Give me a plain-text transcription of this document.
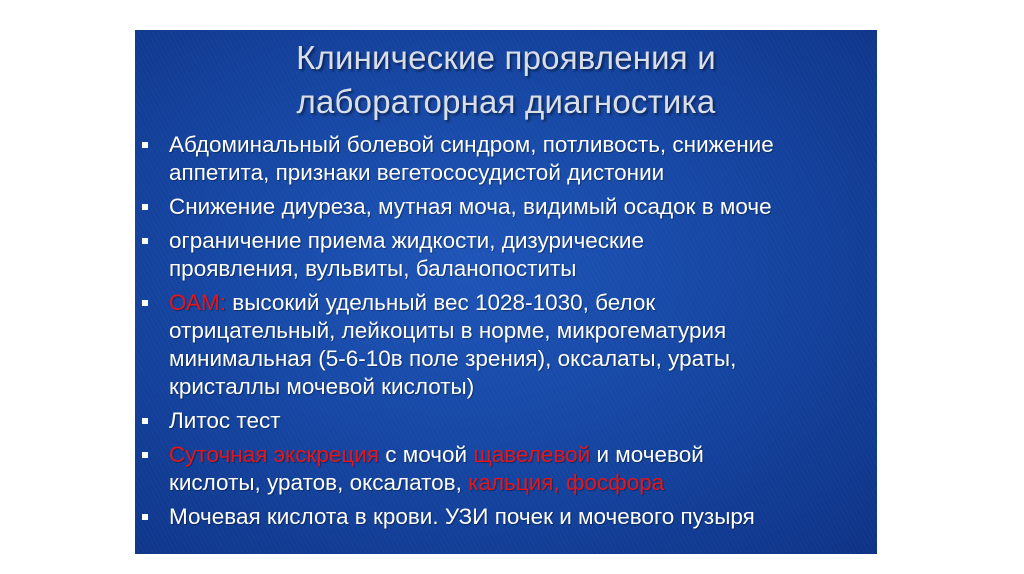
Клинические проявления и
лабораторная диагностика
Абдоминальный болевой синдром, потливость, снижение
аппетита, признаки вегетососудистой дистонии
Снижение диуреза, мутная моча, видимый осадок в моче
ограничение приема жидкости, дизурические
проявления, вульвиты, баланопоститы
ОАМ: высокий удельный вес 1028-1030, белок
отрицательный, лейкоциты в норме, микрогематурия
минимальная (5-6-10в поле зрения), оксалаты, ураты,
кристаллы мочевой кислоты)
Литос тест
Суточная экскреция с мочой щавелевой и мочевой
кислоты, уратов, оксалатов, кальция, фосфора
Мочевая кислота в крови. УЗИ почек и мочевого пузыря
